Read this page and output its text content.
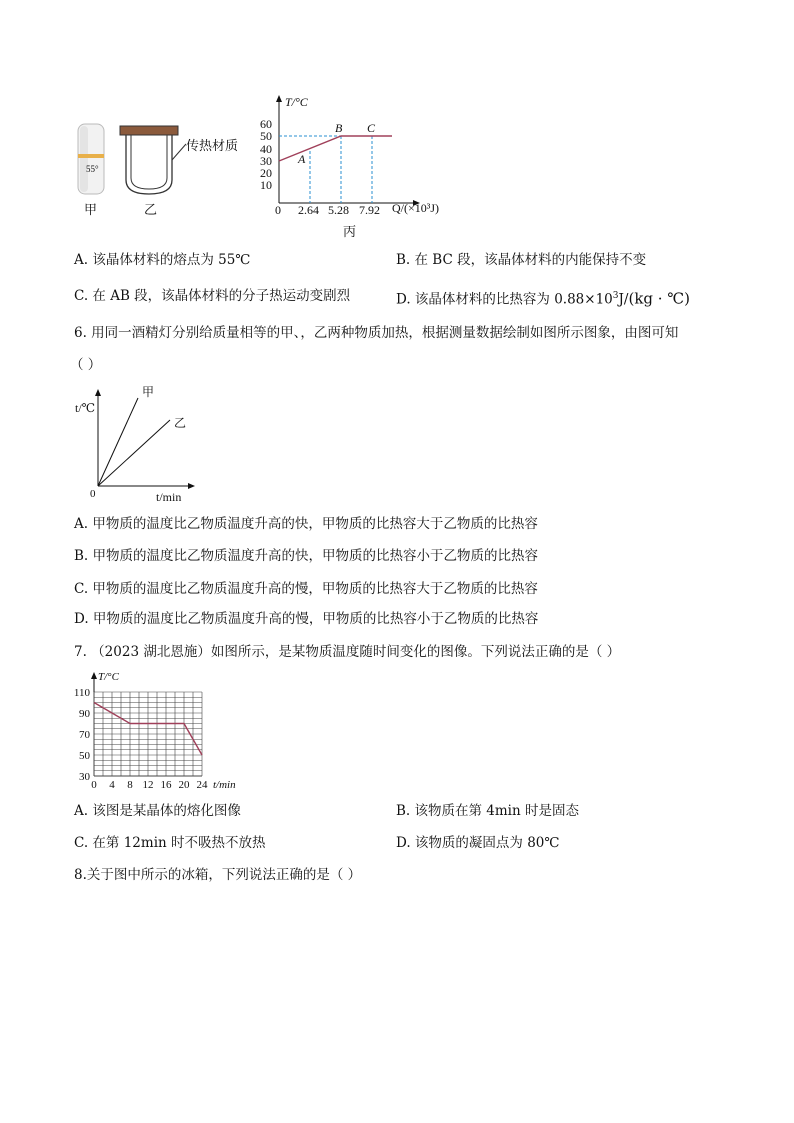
55°
甲
传热材质
乙
T/°C
Q/(×10³J)
60
50
40
30
20
10
0 2.64 5.28 7.92
A
B C
丙
A. 该晶体材料的熔点为 55℃	B. 在 BC 段，该晶体材料的内能保持不变
C. 在 AB 段，该晶体材料的分子热运动变剧烈	D. 该晶体材料的比热容为 $0.88\times 10^3J/(kg$ · ℃)
6. 用同一酒精灯分别给质量相等的甲、，乙两种物质加热，根据测量数据绘制如图所示图象，由图可知
（ ）
t/℃
t/min
0
甲
乙
A. 甲物质的温度比乙物质温度升高的快，甲物质的比热容大于乙物质的比热容
B. 甲物质的温度比乙物质温度升高的快，甲物质的比热容小于乙物质的比热容
C. 甲物质的温度比乙物质温度升高的慢，甲物质的比热容大于乙物质的比热容
D. 甲物质的温度比乙物质温度升高的慢，甲物质的比热容小于乙物质的比热容
7. （2023 湖北恩施）如图所示，是某物质温度随时间变化的图像。下列说法正确的是（ ）
110
90
70
50
30
0 4 8 12 16 20 24
T/°C
t/min
A. 该图是某晶体的熔化图像	B. 该物质在第 4min 时是固态
C. 在第 12min 时不吸热不放热	D. 该物质的凝固点为 80℃
8.关于图中所示的冰箱，下列说法正确的是（ ）
